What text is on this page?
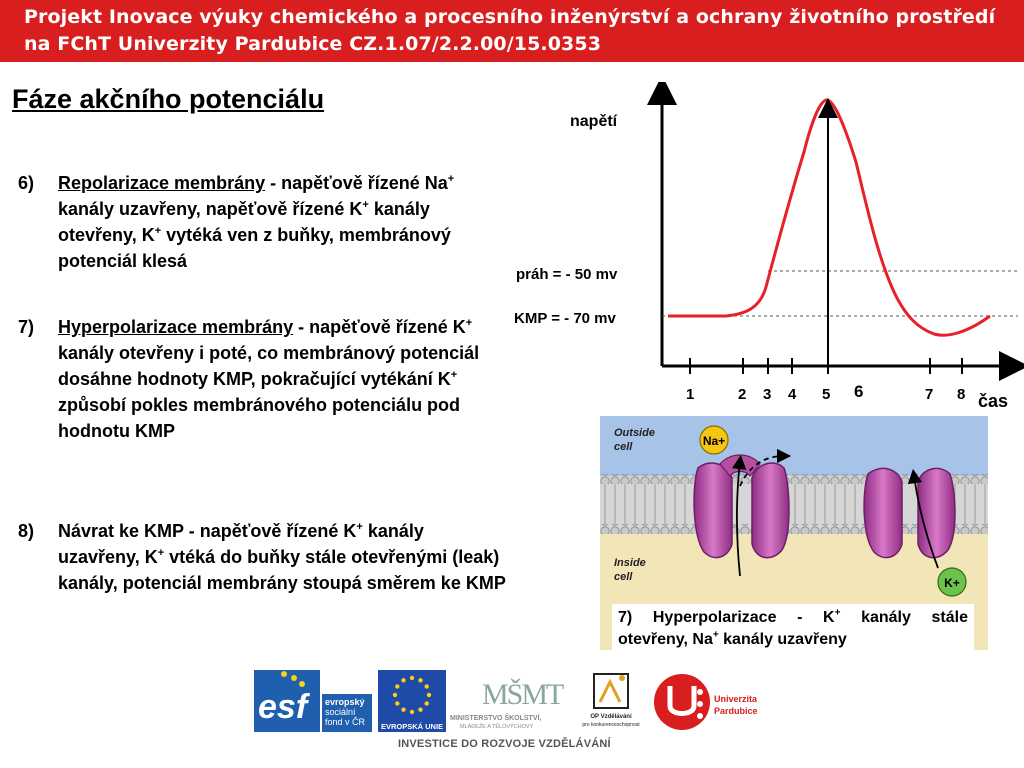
Projekt Inovace výuky chemického a procesního inženýrství a ochrany životního prostředí
na FChT Univerzity Pardubice CZ.1.07/2.2.00/15.0353
Fáze akčního potenciálu
6) Repolarizace membrány - napěťově řízené Na+ kanály uzavřeny, napěťově řízené K+ kanály otevřeny, K+ vytéká ven z buňky, membránový potenciál klesá
7) Hyperpolarizace membrány - napěťově řízené K+ kanály otevřeny i poté, co membránový potenciál dosáhne hodnoty KMP, pokračující vytékání K+ způsobí pokles membránového potenciálu pod hodnotu KMP
8) Návrat ke KMP - napěťově řízené K+ kanály uzavřeny, K+ vtéká do buňky stále otevřenými (leak) kanály, potenciál membrány stoupá směrem ke KMP
napětí
práh = - 50 mv
KMP = - 70 mv
čas
1	2 3 4 5 6	7 8
Na+
K+
Outside cell
Inside cell
7) Hyperpolarizace - K+ kanály stále
otevřeny, Na+ kanály uzavřeny
esf	evropský
sociální
fond v ČR EVROPSKÁ UNIE
MŠMT
MINISTERSTVO ŠKOLSTVÍ,
MLÁDEŽE A TĚLOVÝCHOVY
OP Vzdělávání
pro konkurenceschopnost
Univerzita
Pardubice
INVESTICE DO ROZVOJE VZDĚLÁVÁNÍ
